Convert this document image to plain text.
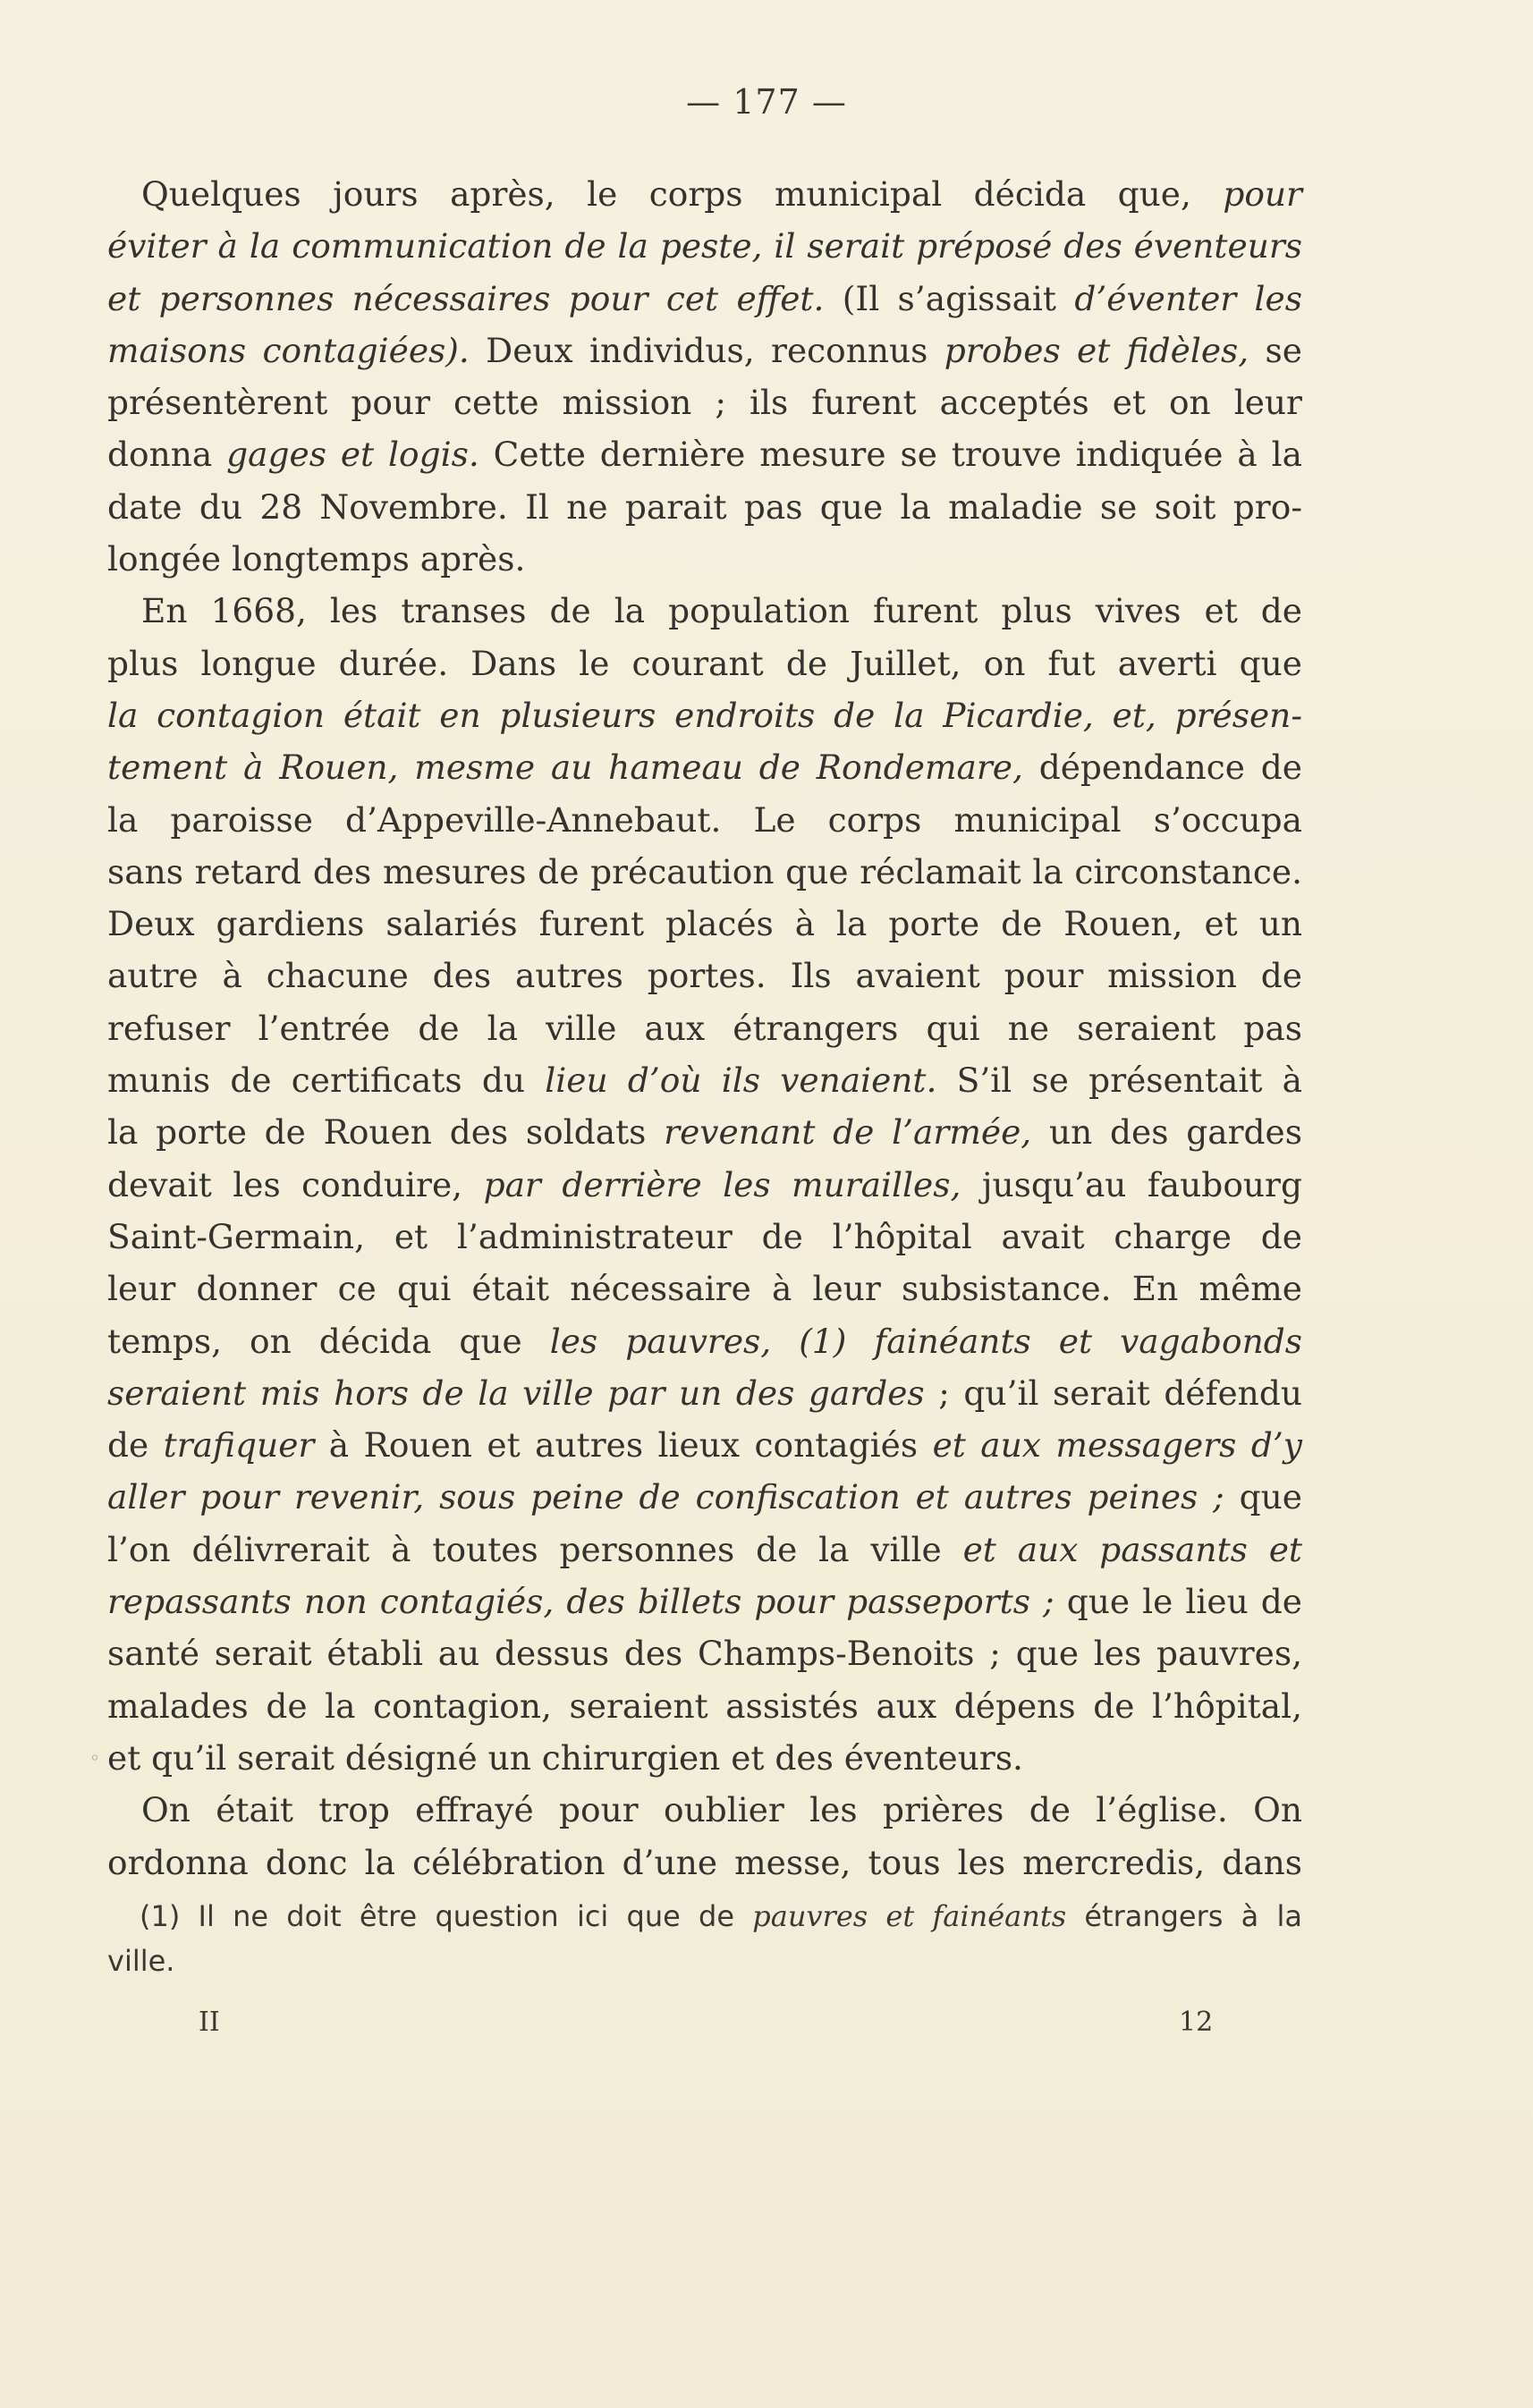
— 177 —
Quelques jours après, le corps municipal décida que, pour
éviter à la communication de la peste, il serait préposé des éventeurs
et personnes nécessaires pour cet effet. (Il s’agissait d’éventer les
maisons contagiées). Deux individus, reconnus probes et fidèles, se
présentèrent pour cette mission ; ils furent acceptés et on leur
donna gages et logis. Cette dernière mesure se trouve indiquée à la
date du 28 Novembre. Il ne parait pas que la maladie se soit pro-
longée longtemps après.
En 1668, les transes de la population furent plus vives et de
plus longue durée. Dans le courant de Juillet, on fut averti que
la contagion était en plusieurs endroits de la Picardie, et, présen-
tement à Rouen, mesme au hameau de Rondemare, dépendance de
la paroisse d’Appeville-Annebaut. Le corps municipal s’occupa
sans retard des mesures de précaution que réclamait la circonstance.
Deux gardiens salariés furent placés à la porte de Rouen, et un
autre à chacune des autres portes. Ils avaient pour mission de
refuser l’entrée de la ville aux étrangers qui ne seraient pas
munis de certificats du lieu d’où ils venaient. S’il se présentait à
la porte de Rouen des soldats revenant de l’armée, un des gardes
devait les conduire, par derrière les murailles, jusqu’au faubourg
Saint-Germain, et l’administrateur de l’hôpital avait charge de
leur donner ce qui était nécessaire à leur subsistance. En même
temps, on décida que les pauvres, (1) fainéants et vagabonds
seraient mis hors de la ville par un des gardes ; qu’il serait défendu
de trafiquer à Rouen et autres lieux contagiés et aux messagers d’y
aller pour revenir, sous peine de confiscation et autres peines ; que
l’on délivrerait à toutes personnes de la ville et aux passants et
repassants non contagiés, des billets pour passeports ; que le lieu de
santé serait établi au dessus des Champs-Benoits ; que les pauvres,
malades de la contagion, seraient assistés aux dépens de l’hôpital,
et qu’il serait désigné un chirurgien et des éventeurs.
On était trop effrayé pour oublier les prières de l’église. On
ordonna donc la célébration d’une messe, tous les mercredis, dans
◦
(1) Il ne doit être question ici que de pauvres et fainéants étrangers à la
ville.
II	12
